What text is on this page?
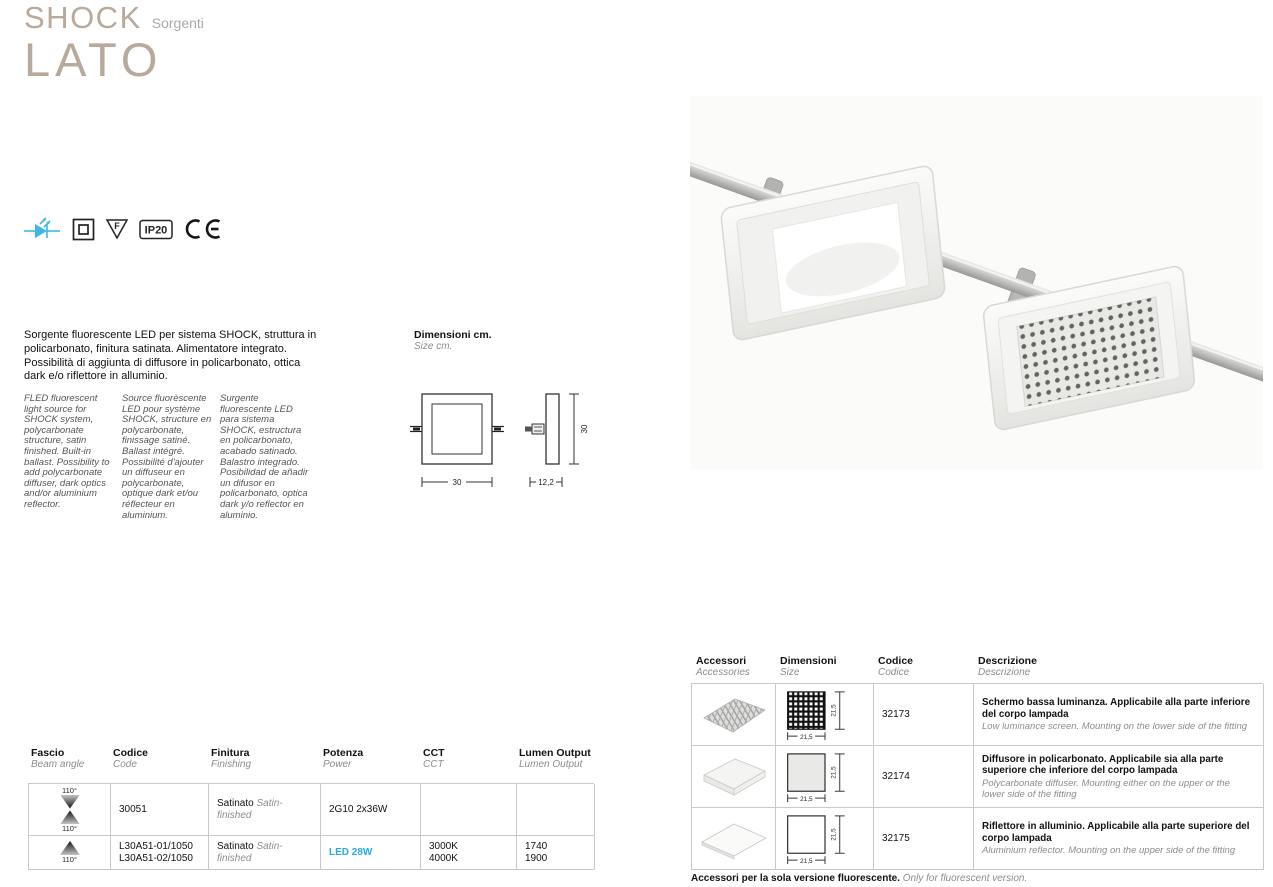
SHOCK Sorgenti
LATO
F IP20
Sorgente fluorescente LED per sistema SHOCK, struttura in policarbonato, finitura satinata. Alimentatore integrato. Possibilità di aggiunta di diffusore in policarbonato, ottica dark e/o riflettore in alluminio.
FLED fluorescent light source for SHOCK system, polycarbonate structure, satin finished. Built-in ballast. Possibility to add polycarbonate diffuser, dark optics and/or aluminium reflector.
Source fluorèscente LED pour système SHOCK, structure en polycarbonate, finissage satiné. Ballast intégré. Possibilité d'ajouter un diffuseur en polycarbonate, optique dark et/ou réflecteur en aluminium.
Surgente fluorescente LED para sistema SHOCK, estructura en policarbonato, acabado satinado. Balastro integrado. Posibilidad de añadir un difusor en policarbonato, optica dark y/o reflector en aluminio.
Dimensioni cm.
Size cm.
30	12,2
30
Fascio
Beam angle
Codice
Code
Finitura
Finishing
Potenza
Power
CCT
CCT
Lumen Output
Lumen Output
110°
110°
30051
Satinato Satin-finished
2G10 2x36W
110°
L30A51-01/1050
L30A51-02/1050
Satinato Satin-finished
LED 28W
3000K
4000K
1740
1900
Accessori
Accessories
Dimensioni
Size
Codice
Codice
Descrizione
Descrizione
21,5
21,5
32173
Schermo bassa luminanza. Applicabile alla parte inferiore del corpo lampada
Low luminance screen. Mounting on the lower side of the fitting
21,5
21,5
32174
Diffusore in policarbonato. Applicabile sia alla parte superiore che inferiore del corpo lampada
Polycarbonate diffuser. Mounting either on the upper or the lower side of the fitting
21,5
21,5
32175
Riflettore in alluminio. Applicabile alla parte superiore del corpo lampada
Aluminium reflector. Mounting on the upper side of the fitting
Accessori per la sola versione fluorescente. Only for fluorescent version.
